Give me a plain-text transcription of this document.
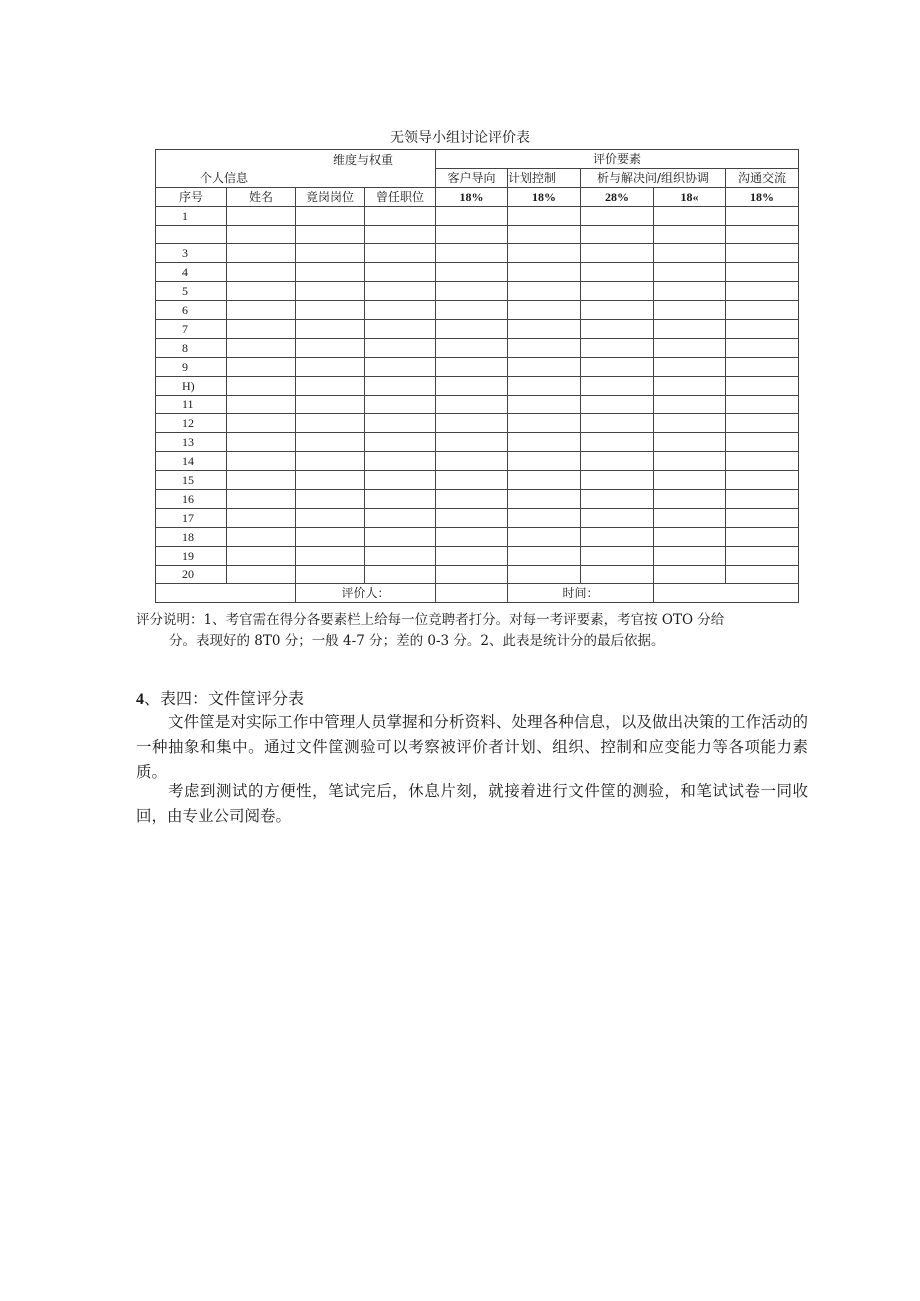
无领导小组讨论评价表
维度与权重
个人信息				评价要素				
				客户导向	计划控制	析与解决问/组织协调		沟通交流
序号	姓名	竟岗岗位	曾任职位	18%	18%	28%	18«	18%
1								

3								
4								
5								
6								
7								
8								
9								
H)								
11								
12								
13								
14								
15								
16								
17								
18								
19								
20								
		评价人：			时间：			
评分说明：1、考官需在得分各要素栏上给每一位竞聘者打分。对每一考评要素，考官按 OTO 分给
分。表现好的 8T0 分；一般 4-7 分；差的 0-3 分。2、此表是统计分的最后依据。
4、表四：文件筐评分表
文件筐是对实际工作中管理人员掌握和分析资料、处理各种信息，以及做出决策的工作活动的一种抽象和集中。通过文件筐测验可以考察被评价者计划、组织、控制和应变能力等各项能力素质。
考虑到测试的方便性，笔试完后，休息片刻，就接着进行文件筐的测验，和笔试试卷一同收回，由专业公司阅卷。
